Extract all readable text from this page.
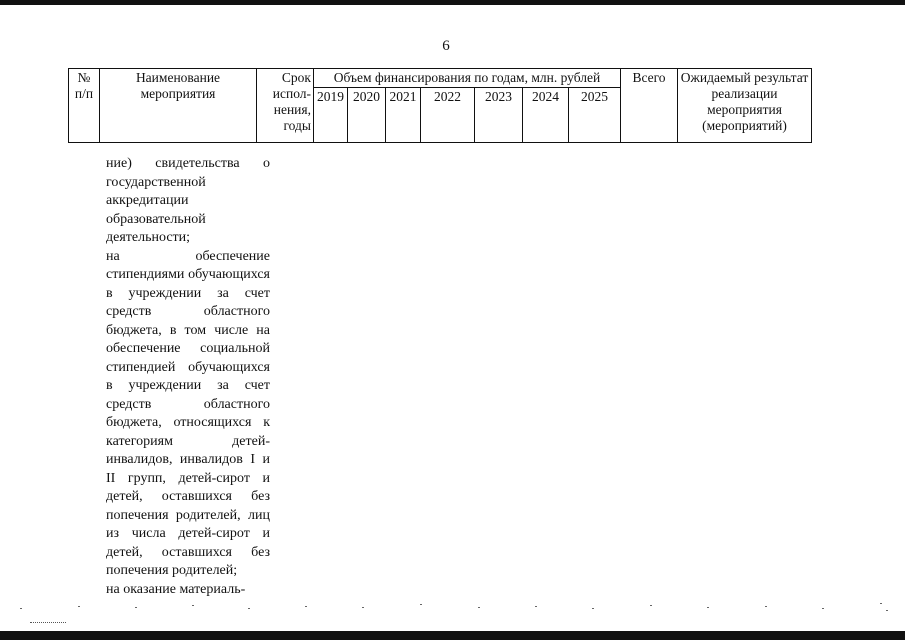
6
№ п/п	Наименование мероприятия	Срок испол-нения, годы	Объем финансирования по годам, млн. рублей							Всего	Ожидаемый результат реализации мероприятия (мероприятий)
			2019	2020	2021	2022	2023	2024	2025		

ние) свидетельства о государственной аккредитации образовательной деятельности;

на обеспечение стипендиями обучающихся в учреждении за счет средств областного бюджета, в том числе на обеспечение социальной стипендией обучающихся в учреждении за счет средств областного бюджета, относящихся к категориям детей-инвалидов, инвалидов I и II групп, детей-сирот и детей, оставшихся без попечения родителей, лиц из числа детей-сирот и детей, оставшихся без попечения родителей;

на оказание материаль-
